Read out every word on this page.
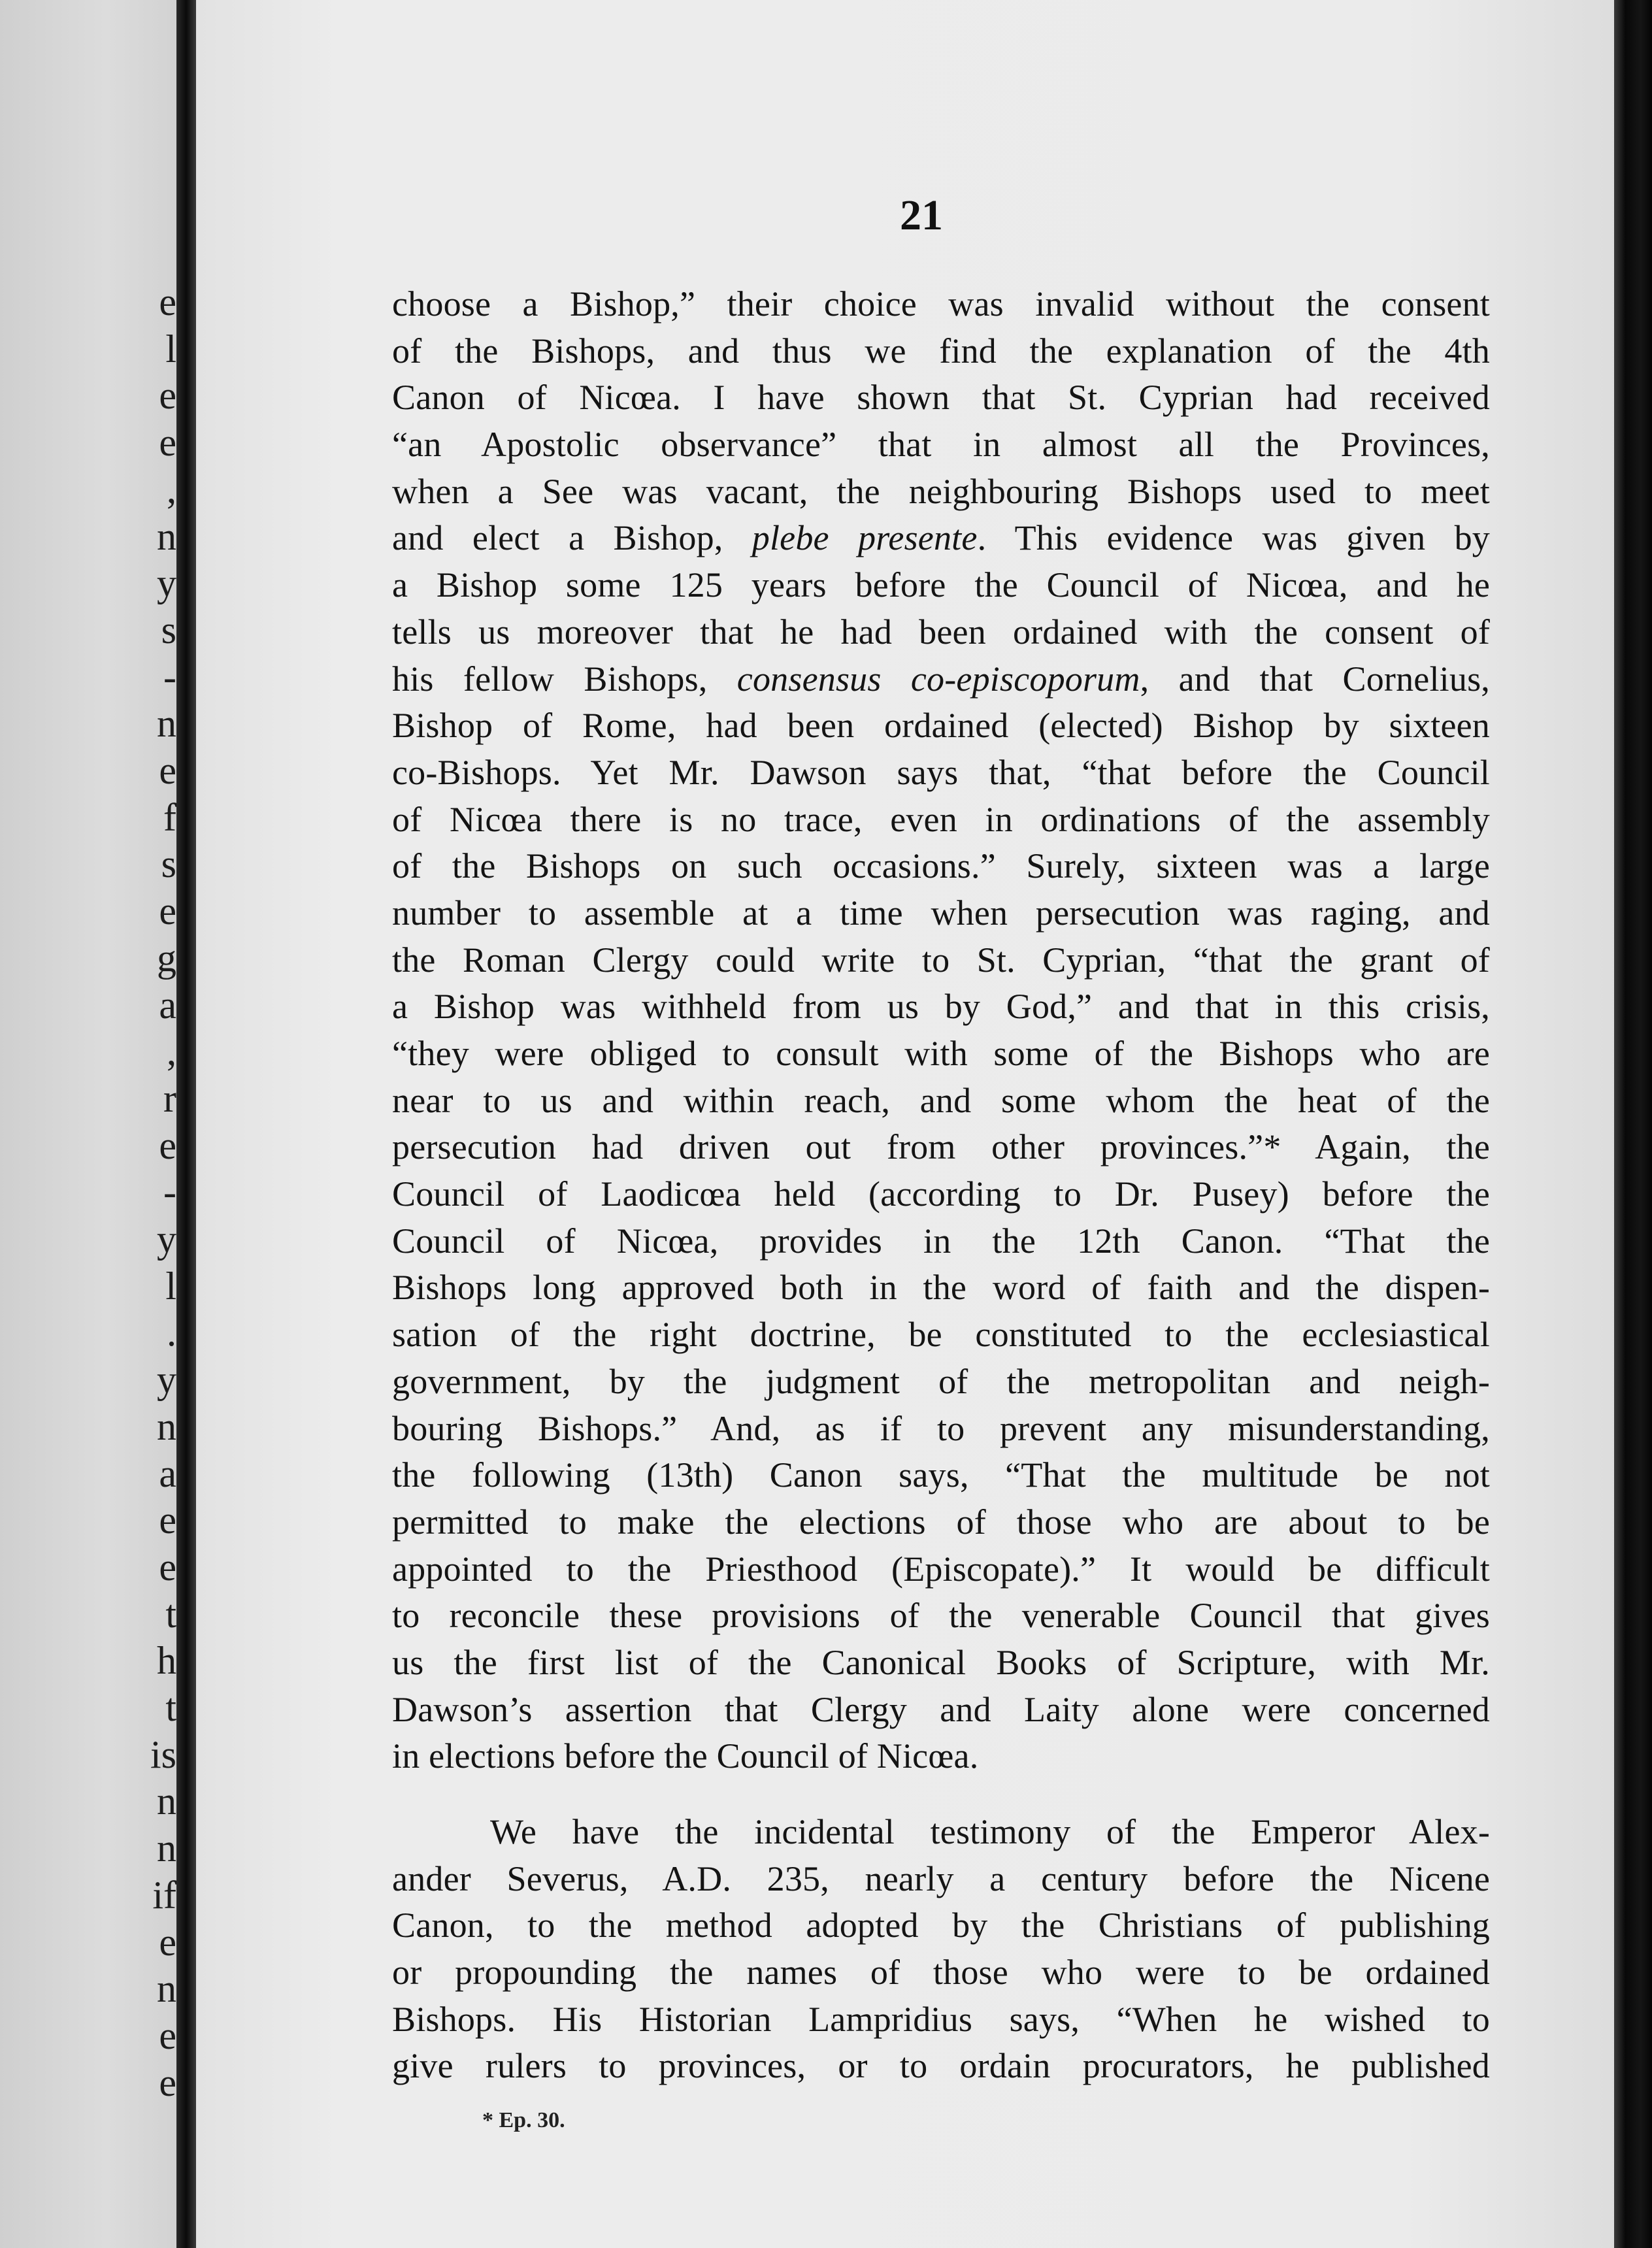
e
l
e
e
,
n
y
s
-
n
e
f
s
e
g
a
,
r
e
-
y
l
.
y
n
a
e
e
t
h
t
is
n
n
if
e
n
e
e
21
choose a Bishop,” their choice was invalid without the consent
of the Bishops, and thus we find the explanation of the 4th
Canon of Nicœa. I have shown that St. Cyprian had received
“an Apostolic observance” that in almost all the Provinces,
when a See was vacant, the neighbouring Bishops used to meet
and elect a Bishop, plebe presente. This evidence was given by
a Bishop some 125 years before the Council of Nicœa, and he
tells us moreover that he had been ordained with the consent of
his fellow Bishops, consensus co-episcoporum, and that Cornelius,
Bishop of Rome, had been ordained (elected) Bishop by sixteen
co-Bishops. Yet Mr. Dawson says that, “that before the Council
of Nicœa there is no trace, even in ordinations of the assembly
of the Bishops on such occasions.” Surely, sixteen was a large
number to assemble at a time when persecution was raging, and
the Roman Clergy could write to St. Cyprian, “that the grant of
a Bishop was withheld from us by God,” and that in this crisis,
“they were obliged to consult with some of the Bishops who are
near to us and within reach, and some whom the heat of the
persecution had driven out from other provinces.”* Again, the
Council of Laodicœa held (according to Dr. Pusey) before the
Council of Nicœa, provides in the 12th Canon. “That the
Bishops long approved both in the word of faith and the dispen-
sation of the right doctrine, be constituted to the ecclesiastical
government, by the judgment of the metropolitan and neigh-
bouring Bishops.” And, as if to prevent any misunderstanding,
the following (13th) Canon says, “That the multitude be not
permitted to make the elections of those who are about to be
appointed to the Priesthood (Episcopate).” It would be difficult
to reconcile these provisions of the venerable Council that gives
us the first list of the Canonical Books of Scripture, with Mr.
Dawson’s assertion that Clergy and Laity alone were concerned
in elections before the Council of Nicœa.
We have the incidental testimony of the Emperor Alex-
ander Severus, A.D. 235, nearly a century before the Nicene
Canon, to the method adopted by the Christians of publishing
or propounding the names of those who were to be ordained
Bishops. His Historian Lampridius says, “When he wished to
give rulers to provinces, or to ordain procurators, he published
* Ep. 30.
